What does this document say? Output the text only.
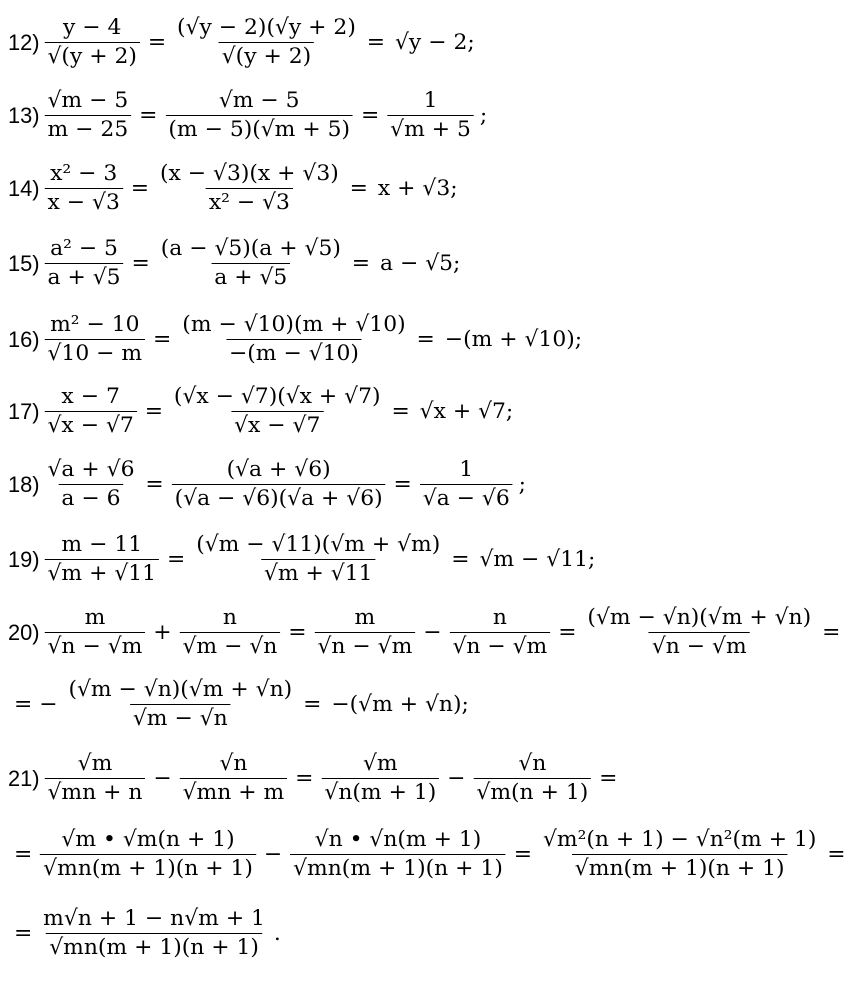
$12) \frac{y - 4}{√(y + 2)} = \frac{(√y - 2)(√y + 2)}{√(y + 2)} = √y - 2$;
$13) \frac{√m - 5}{m - 25} = \frac{√m - 5}{(m - 5)(√m + 5)} = \frac{1}{√m + 5}$ ;
$14) \frac{\text{x² − 3}}{x - √3} = \frac{(x - √3)(x + √3)}{\text{x² − √3}} = x + √3$;
$15) \frac{\text{a² − 5}}{a + √5} = \frac{(a - √5)(a + √5)}{a + √5} = a - √5$;
$16) \frac{\text{m² − 10}}{√10 - m} = \frac{(m - √10)(m + √10)}{-(m - √10)} = -(m + √10)$;
$17) \frac{x - 7}{√x - √7} = \frac{(√x - √7)(√x + √7)}{√x - √7} = √x + √7$;
$18) \frac{√a + √6}{a - 6} = \frac{(√a + √6)}{(√a - √6)(√a + √6)} = \frac{1}{√a - √6}$ ;
$19) \frac{m - 11}{√m + √11} = \frac{(√m - √11)(√m + √m)}{√m + √11} = √m - √11$;
$20) \frac{m}{√n - √m} + \frac{n}{√m - √n} = \frac{m}{√n - √m} - \frac{n}{√n - √m} = \frac{(√m - √n)(√m + √n)}{√n - √m}$ =
= − $\frac{(√m - √n)(√m + √n)}{√m - √n} = -(√m + √n)$;
$21) \frac{√m}{√mn + n} - \frac{√n}{√mn + m} = \frac{√m}{√n(m + 1)} - \frac{√n}{√m(n + 1)}$ =
= $\frac{√m • √m(n + 1)}{√mn(m + 1)(n + 1)} - \frac{√n • √n(m + 1)}{√mn(m + 1)(n + 1)} = \frac{\text{√m²(n + 1) − √n²(m + 1)}}{√mn(m + 1)(n + 1)}$ =
= $\frac{m√n + 1 - n√m + 1}{√mn(m + 1)(n + 1)}$ .
